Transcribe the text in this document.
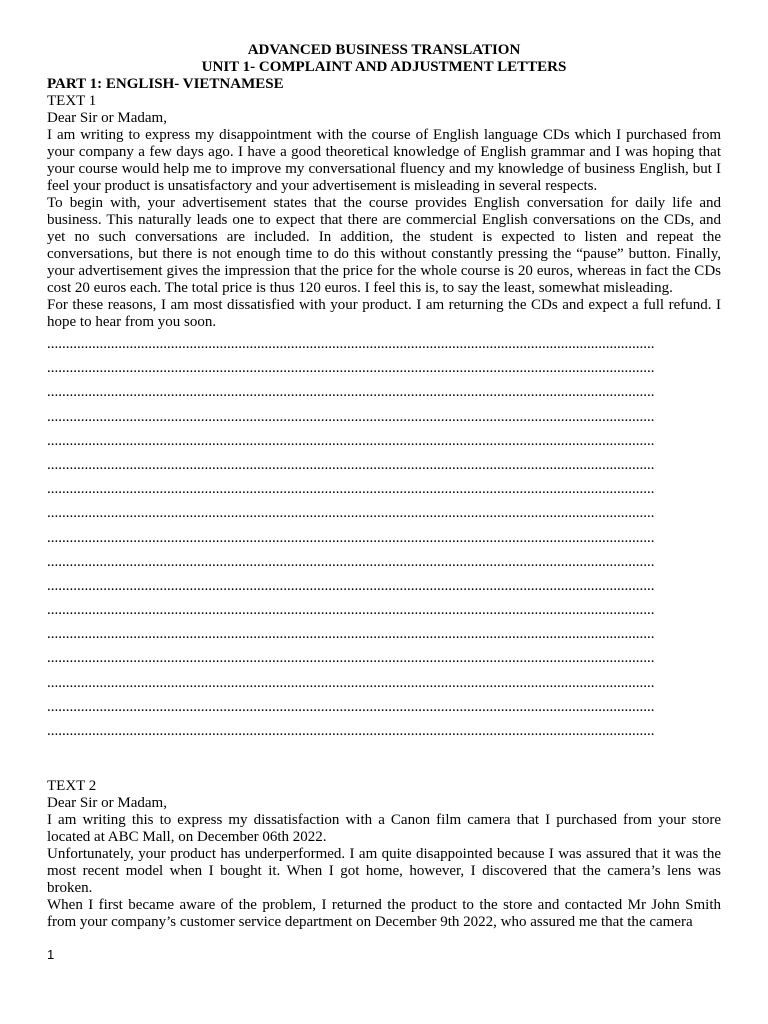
ADVANCED BUSINESS TRANSLATION
UNIT 1- COMPLAINT AND ADJUSTMENT LETTERS
PART 1: ENGLISH- VIETNAMESE
TEXT 1
Dear Sir or Madam,

I am writing to express my disappointment with the course of English language CDs which I purchased from your company a few days ago. I have a good theoretical knowledge of English grammar and I was hoping that your course would help me to improve my conversational fluency and my knowledge of business English, but I feel your product is unsatisfactory and your advertisement is misleading in several respects.

To begin with, your advertisement states that the course provides English conversation for daily life and business. This naturally leads one to expect that there are commercial English conversations on the CDs, and yet no such conversations are included. In addition, the student is expected to listen and repeat the conversations, but there is not enough time to do this without constantly pressing the “pause” button. Finally, your advertisement gives the impression that the price for the whole course is 20 euros, whereas in fact the CDs cost 20 euros each. The total price is thus 120 euros. I feel this is, to say the least, somewhat misleading.

For these reasons, I am most dissatisfied with your product. I am returning the CDs and expect a full refund. I hope to hear from you soon.

..................................................................................................................................................................
..................................................................................................................................................................
..................................................................................................................................................................
..................................................................................................................................................................
..................................................................................................................................................................
..................................................................................................................................................................
..................................................................................................................................................................
..................................................................................................................................................................
..................................................................................................................................................................
..................................................................................................................................................................
..................................................................................................................................................................
..................................................................................................................................................................
..................................................................................................................................................................
..................................................................................................................................................................
..................................................................................................................................................................
..................................................................................................................................................................
..................................................................................................................................................................
TEXT 2
Dear Sir or Madam,

I am writing this to express my dissatisfaction with a Canon film camera that I purchased from your store located at ABC Mall, on December 06th 2022.

Unfortunately, your product has underperformed. I am quite disappointed because I was assured that it was the most recent model when I bought it. When I got home, however, I discovered that the camera’s lens was broken.

When I first became aware of the problem, I returned the product to the store and contacted Mr John Smith from your company’s customer service department on December 9th 2022, who assured me that the camera

1
